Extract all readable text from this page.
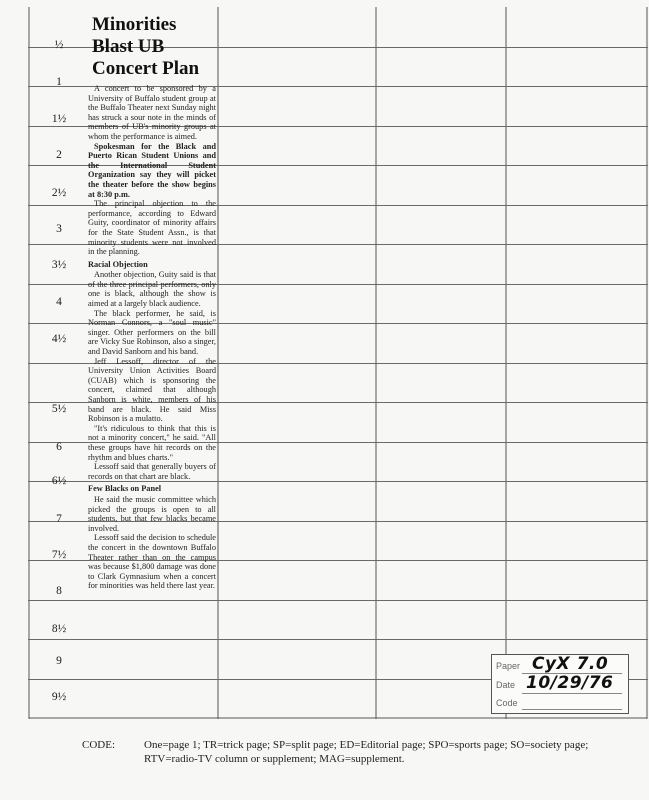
½
1
1½
2
2½
3
3½
4
4½
5½
6
6½
7
7½
8
8½
9
9½
Minorities
Blast UB
Concert Plan

A concert to be sponsored by a University of Buffalo student group at the Buffalo Theater next Sunday night has struck a sour note in the minds of members of UB's minority groups at whom the performance is aimed.

Spokesman for the Black and Puerto Rican Student Unions and the International Student Organization say they will picket the theater before the show begins at 8:30 p.m.

The principal objection to the performance, according to Edward Guity, coordinator of minority affairs for the State Student Assn., is that minority students were not involved in the planning.

Racial Objection

Another objection, Guity said is that of the three principal performers, only one is black, although the show is aimed at a largely black audience.

The black performer, he said, is Norman Connors, a "soul music" singer. Other performers on the bill are Vicky Sue Robinson, also a singer, and David Sanborn and his band.

Jeff Lessoff, director of the University Union Activities Board (CUAB) which is sponsoring the concert, claimed that although Sanborn is white, members of his band are black. He said Miss Robinson is a mulatto.

"It's ridiculous to think that this is not a minority concert," he said. "All these groups have hit records on the rhythm and blues charts."

Lessoff said that generally buyers of records on that chart are black.

Few Blacks on Panel

He said the music committee which picked the groups is open to all students, but that few blacks became involved.

Lessoff said the decision to schedule the concert in the downtown Buffalo Theater rather than on the campus was because $1,800 damage was done to Clark Gymnasium when a concert for minorities was held there last year.

Paper CyX 7.0
Date 10/29/76
Code
CODE:	One=page 1; TR=trick page; SP=split page; ED=Editorial page; SPO=sports page; SO=society page;
RTV=radio-TV column or supplement; MAG=supplement.
